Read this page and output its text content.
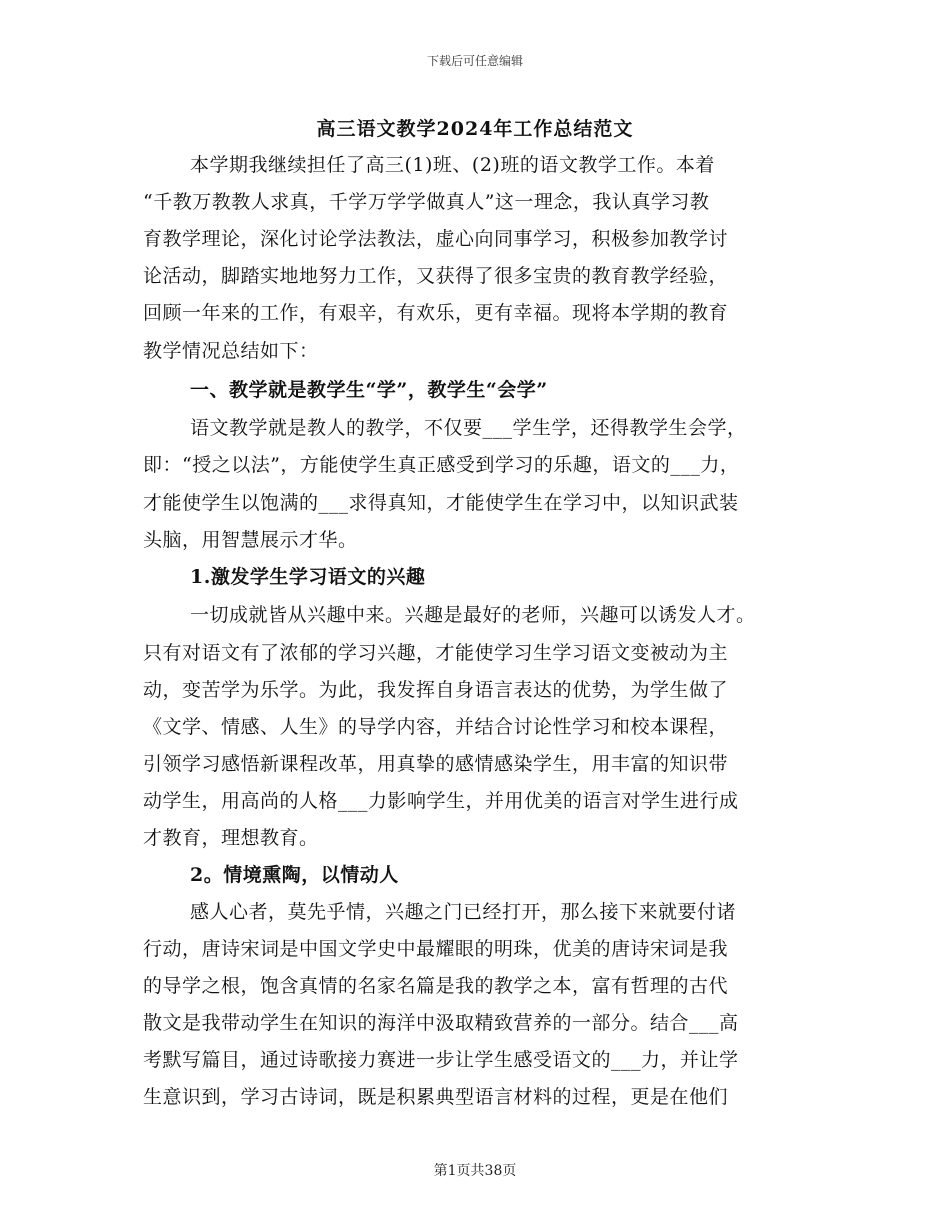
下载后可任意编辑
高三语文教学2024年工作总结范文
本学期我继续担任了高三(1)班、(2)班的语文教学工作。本着
“千教万教教人求真，千学万学学做真人”这一理念，我认真学习教
育教学理论，深化讨论学法教法，虚心向同事学习，积极参加教学讨
论活动，脚踏实地地努力工作，又获得了很多宝贵的教育教学经验，
回顾一年来的工作，有艰辛，有欢乐，更有幸福。现将本学期的教育
教学情况总结如下：
一、教学就是教学生“学”，教学生“会学”
语文教学就是教人的教学，不仅要___学生学，还得教学生会学，
即：“授之以法”，方能使学生真正感受到学习的乐趣，语文的___力，
才能使学生以饱满的___求得真知，才能使学生在学习中，以知识武装
头脑，用智慧展示才华。
1.激发学生学习语文的兴趣
一切成就皆从兴趣中来。兴趣是最好的老师，兴趣可以诱发人才。
只有对语文有了浓郁的学习兴趣，才能使学习生学习语文变被动为主
动，变苦学为乐学。为此，我发挥自身语言表达的优势，为学生做了
《文学、情感、人生》的导学内容，并结合讨论性学习和校本课程，
引领学习感悟新课程改革，用真挚的感情感染学生，用丰富的知识带
动学生，用高尚的人格___力影响学生，并用优美的语言对学生进行成
才教育，理想教育。
2。情境熏陶，以情动人
感人心者，莫先乎情，兴趣之门已经打开，那么接下来就要付诸
行动，唐诗宋词是中国文学史中最耀眼的明珠，优美的唐诗宋词是我
的导学之根，饱含真情的名家名篇是我的教学之本，富有哲理的古代
散文是我带动学生在知识的海洋中汲取精致营养的一部分。结合___高
考默写篇目，通过诗歌接力赛进一步让学生感受语文的___力，并让学
生意识到，学习古诗词，既是积累典型语言材料的过程，更是在他们
第1页共38页
